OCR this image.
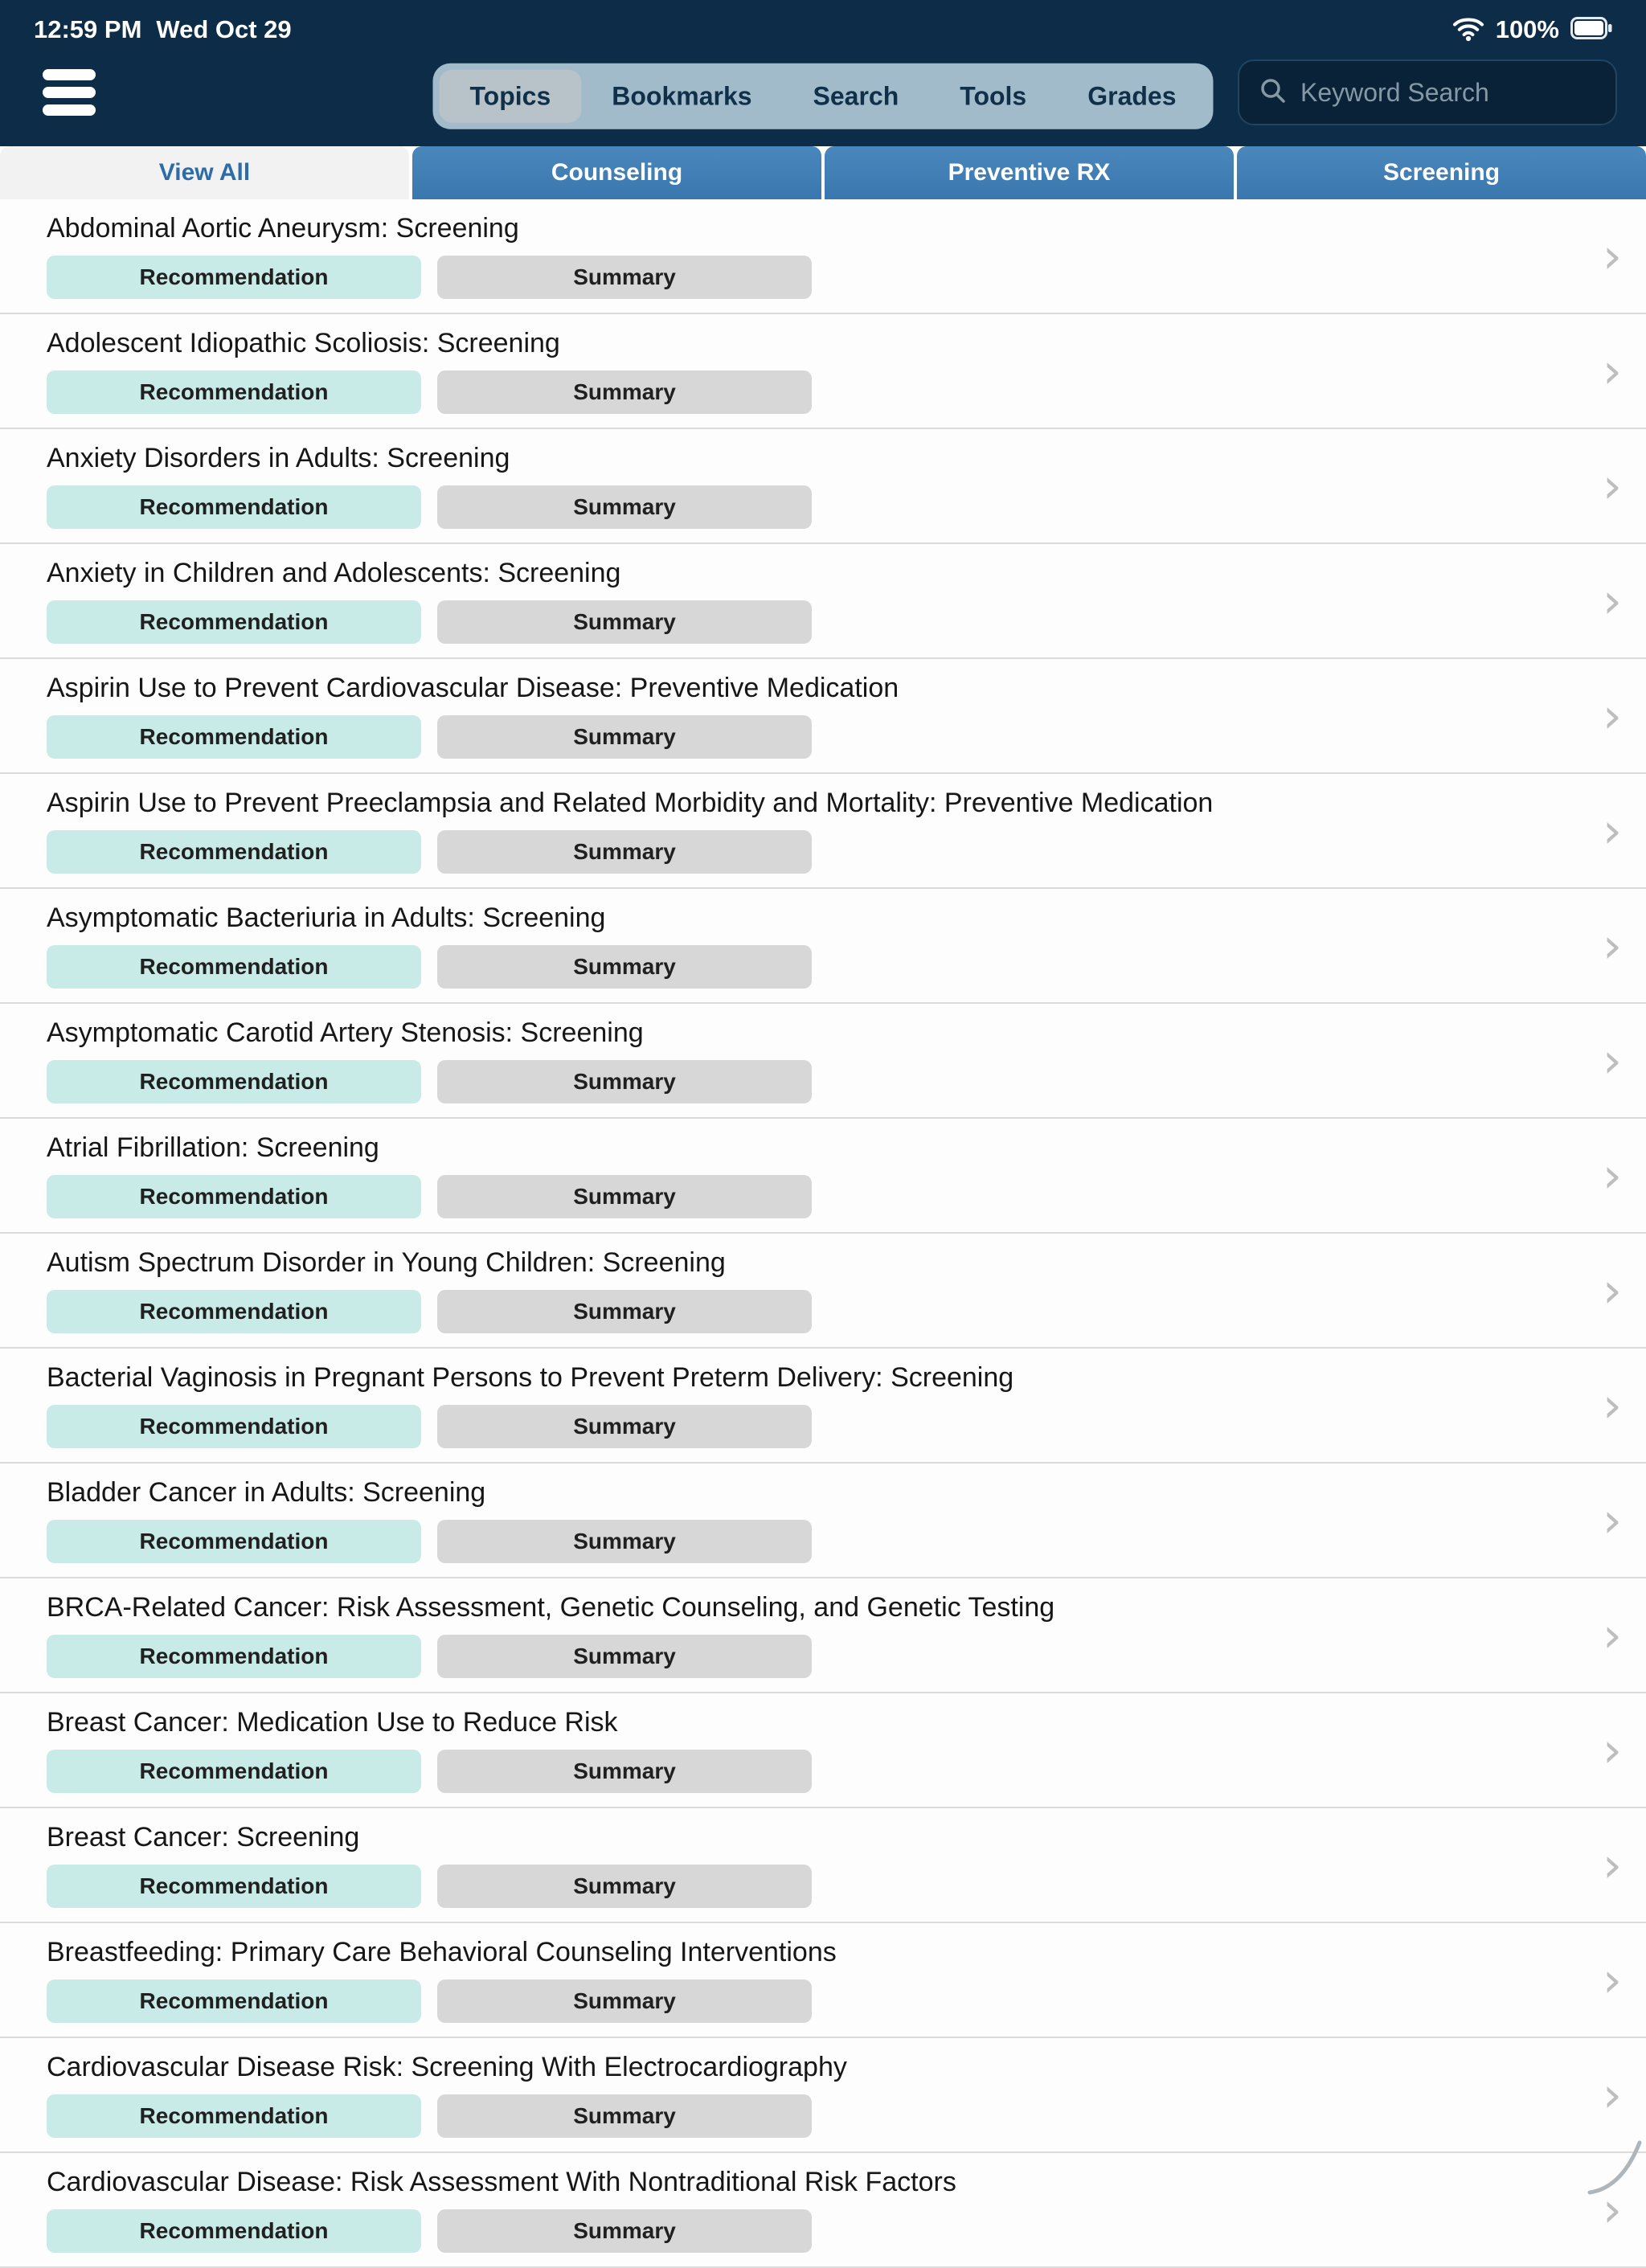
12:59 PM Wed Oct 29	100%
Topics	Bookmarks	Search	Tools	Grades
Keyword Search
View All	Counseling	Preventive RX	Screening
Abdominal Aortic Aneurysm: Screening
Recommendation	Summary	›
Adolescent Idiopathic Scoliosis: Screening
Recommendation	Summary	›
Anxiety Disorders in Adults: Screening
Recommendation	Summary	›
Anxiety in Children and Adolescents: Screening
Recommendation	Summary	›
Aspirin Use to Prevent Cardiovascular Disease: Preventive Medication
Recommendation	Summary	›
Aspirin Use to Prevent Preeclampsia and Related Morbidity and Mortality: Preventive Medication
Recommendation	Summary	›
Asymptomatic Bacteriuria in Adults: Screening
Recommendation	Summary	›
Asymptomatic Carotid Artery Stenosis: Screening
Recommendation	Summary	›
Atrial Fibrillation: Screening
Recommendation	Summary	›
Autism Spectrum Disorder in Young Children: Screening
Recommendation	Summary	›
Bacterial Vaginosis in Pregnant Persons to Prevent Preterm Delivery: Screening
Recommendation	Summary	›
Bladder Cancer in Adults: Screening
Recommendation	Summary	›
BRCA-Related Cancer: Risk Assessment, Genetic Counseling, and Genetic Testing
Recommendation	Summary	›
Breast Cancer: Medication Use to Reduce Risk
Recommendation	Summary	›
Breast Cancer: Screening
Recommendation	Summary	›
Breastfeeding: Primary Care Behavioral Counseling Interventions
Recommendation	Summary	›
Cardiovascular Disease Risk: Screening With Electrocardiography
Recommendation	Summary	›
Cardiovascular Disease: Risk Assessment With Nontraditional Risk Factors
Recommendation	Summary	›
